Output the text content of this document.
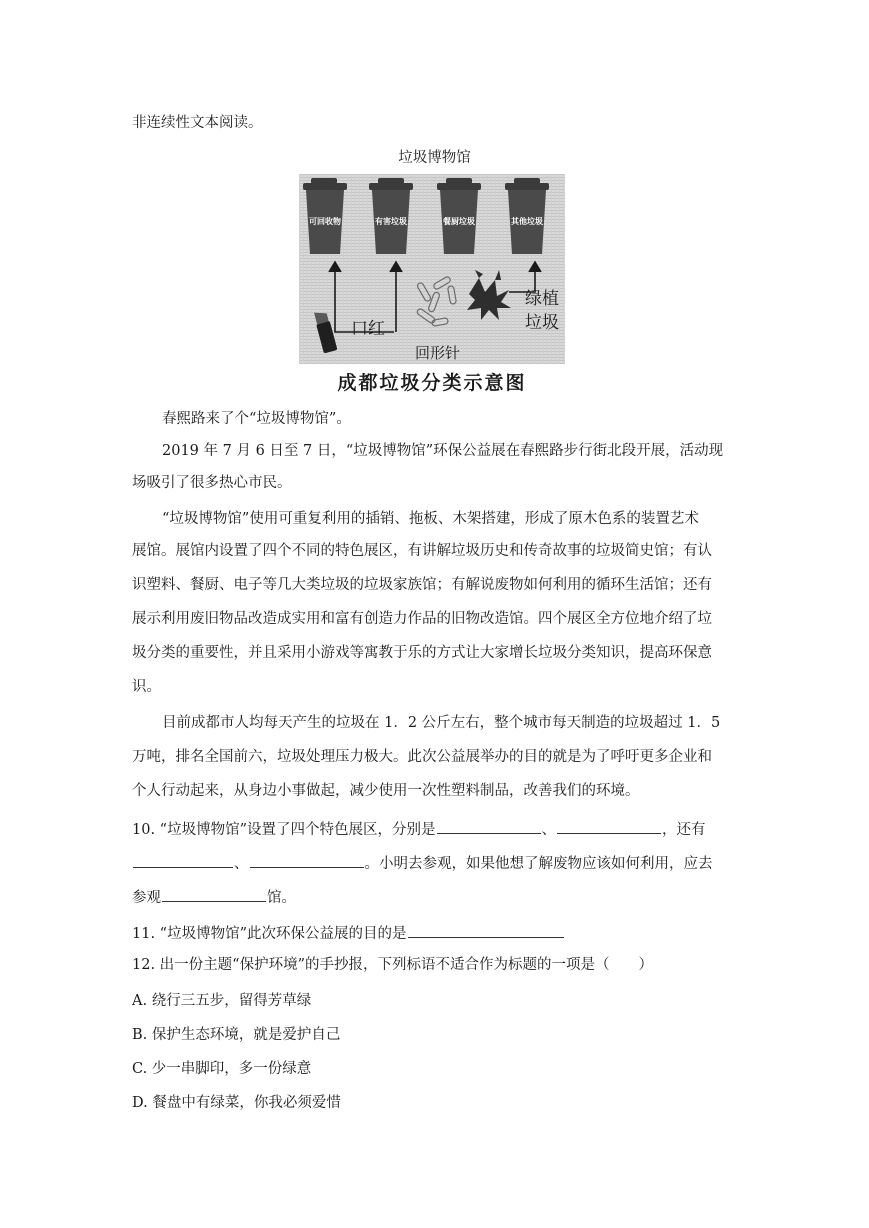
非连续性文本阅读。
垃圾博物馆
可回收物	有害垃圾	餐厨垃圾	其他垃圾
口红
回形针
绿植
垃圾
成都垃圾分类示意图
春熙路来了个“垃圾博物馆”。
2019 年 7 月 6 日至 7 日，“垃圾博物馆”环保公益展在春熙路步行街北段开展，活动现
场吸引了很多热心市民。
“垃圾博物馆”使用可重复利用的插销、拖板、木架搭建，形成了原木色系的装置艺术
展馆。展馆内设置了四个不同的特色展区，有讲解垃圾历史和传奇故事的垃圾简史馆；有认
识塑料、餐厨、电子等几大类垃圾的垃圾家族馆；有解说废物如何利用的循环生活馆；还有
展示利用废旧物品改造成实用和富有创造力作品的旧物改造馆。四个展区全方位地介绍了垃
圾分类的重要性，并且采用小游戏等寓教于乐的方式让大家增长垃圾分类知识，提高环保意
识。
目前成都市人均每天产生的垃圾在 1．2 公斤左右，整个城市每天制造的垃圾超过 1．5
万吨，排名全国前六，垃圾处理压力极大。此次公益展举办的目的就是为了呼吁更多企业和
个人行动起来，从身边小事做起，减少使用一次性塑料制品，改善我们的环境。
10. “垃圾博物馆”设置了四个特色展区，分别是	、	，还有
、	。小明去参观，如果他想了解废物应该如何利用，应去
参观	馆。
11. “垃圾博物馆”此次环保公益展的目的是
12. 出一份主题“保护环境”的手抄报，下列标语不适合作为标题的一项是（　　）
A. 绕行三五步，留得芳草绿
B. 保护生态环境，就是爱护自己
C. 少一串脚印，多一份绿意
D. 餐盘中有绿菜，你我必须爱惜
